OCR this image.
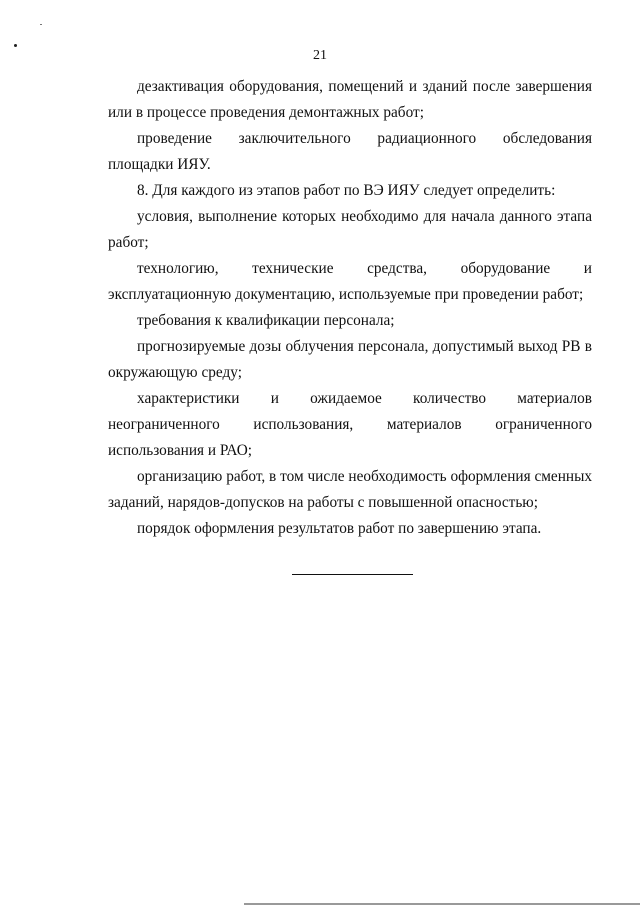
21

дезактивация оборудования, помещений и зданий после завершения или в процессе проведения демонтажных работ;

проведение заключительного радиационного обследования площадки ИЯУ.

8. Для каждого из этапов работ по ВЭ ИЯУ следует определить:

условия, выполнение которых необходимо для начала данного этапа работ;

технологию, технические средства, оборудование и эксплуатационную документацию, используемые при проведении работ;

требования к квалификации персонала;

прогнозируемые дозы облучения персонала, допустимый выход РВ в окружающую среду;

характеристики и ожидаемое количество материалов неограниченного использования, материалов ограниченного использования и РАО;

организацию работ, в том числе необходимость оформления сменных заданий, нарядов-допусков на работы с повышенной опасностью;

порядок оформления результатов работ по завершению этапа.
